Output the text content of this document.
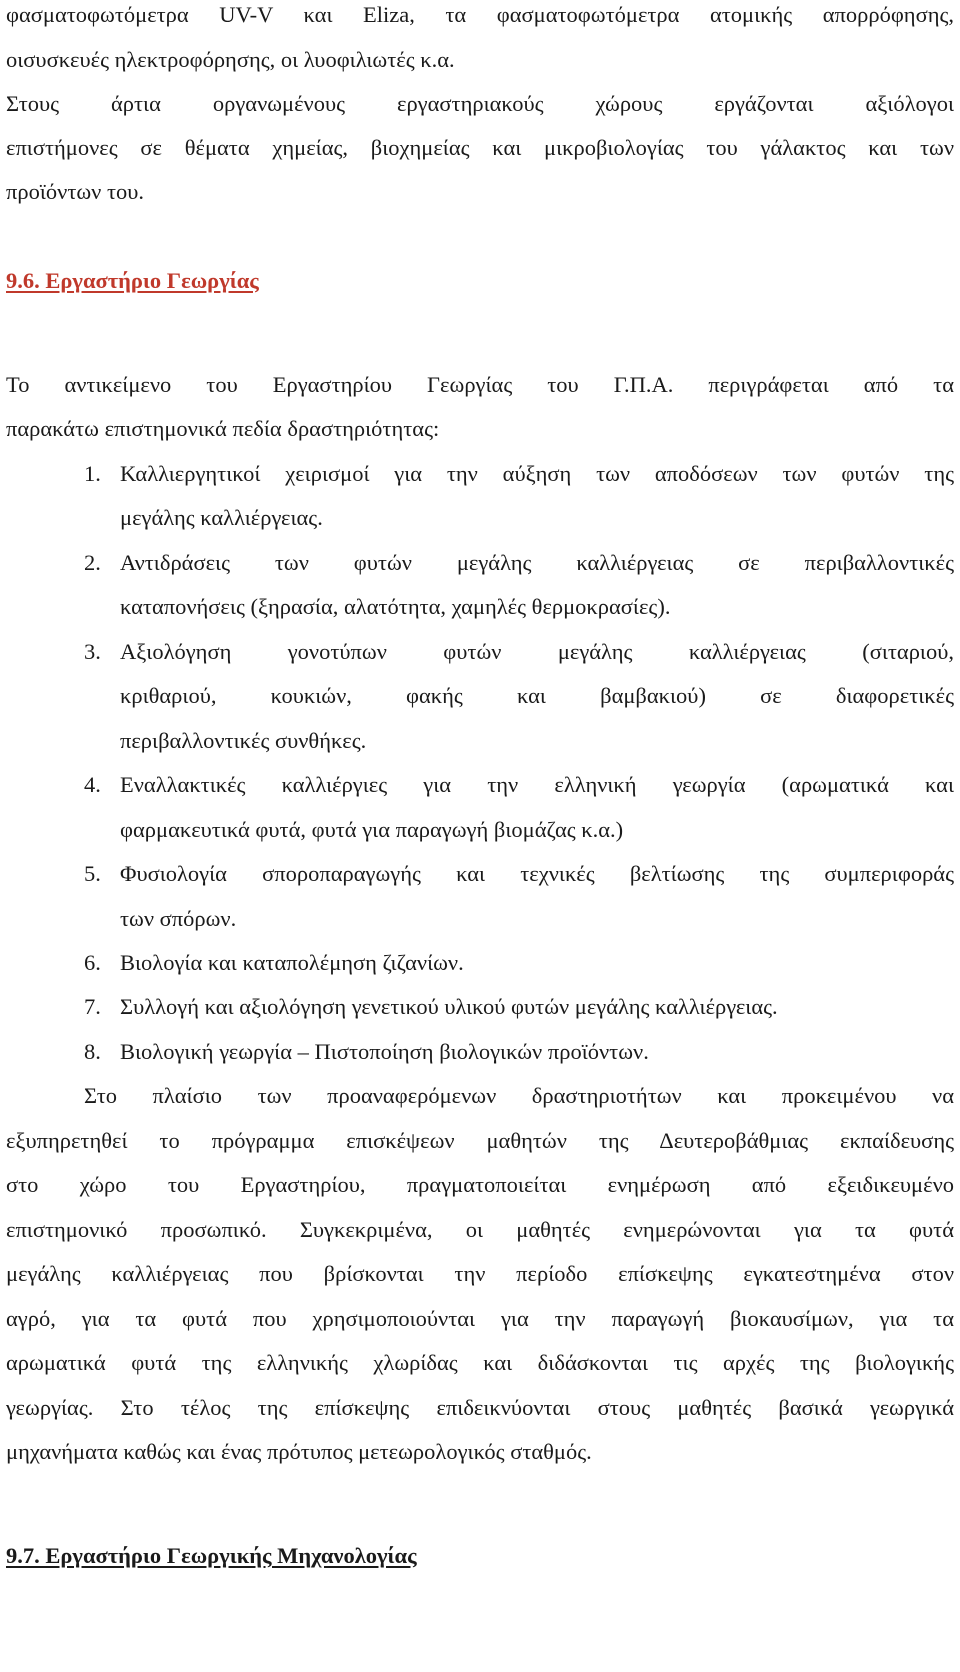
φασματοφωτόμετρα UV-V και Eliza, τα φασματοφωτόμετρα ατομικής απορρόφησης,
οισυσκευές ηλεκτροφόρησης, οι λυοφιλιωτές κ.α.
Στους άρτια οργανωμένους εργαστηριακούς χώρους εργάζονται αξιόλογοι
επιστήμονες σε θέματα χημείας, βιοχημείας και μικροβιολογίας του γάλακτος και των
προϊόντων του.
9.6. Εργαστήριο Γεωργίας
Το αντικείμενο του Εργαστηρίου Γεωργίας του Γ.Π.Α. περιγράφεται από τα
παρακάτω επιστημονικά πεδία δραστηριότητας:
1. Καλλιεργητικοί χειρισμοί για την αύξηση των αποδόσεων των φυτών της
μεγάλης καλλιέργειας.
2. Αντιδράσεις των φυτών μεγάλης καλλιέργειας σε περιβαλλοντικές
καταπονήσεις (ξηρασία, αλατότητα, χαμηλές θερμοκρασίες).
3. Αξιολόγηση γονοτύπων φυτών μεγάλης καλλιέργειας (σιταριού,
κριθαριού, κουκιών, φακής και βαμβακιού) σε διαφορετικές
περιβαλλοντικές συνθήκες.
4. Εναλλακτικές καλλιέργιες για την ελληνική γεωργία (αρωματικά και
φαρμακευτικά φυτά, φυτά για παραγωγή βιομάζας κ.α.)
5. Φυσιολογία σποροπαραγωγής και τεχνικές βελτίωσης της συμπεριφοράς
των σπόρων.
6. Βιολογία και καταπολέμηση ζιζανίων.
7. Συλλογή και αξιολόγηση γενετικού υλικού φυτών μεγάλης καλλιέργειας.
8. Βιολογική γεωργία – Πιστοποίηση βιολογικών προϊόντων.
Στο πλαίσιο των προαναφερόμενων δραστηριοτήτων και προκειμένου να
εξυπηρετηθεί το πρόγραμμα επισκέψεων μαθητών της Δευτεροβάθμιας εκπαίδευσης
στο χώρο του Εργαστηρίου, πραγματοποιείται ενημέρωση από εξειδικευμένο
επιστημονικό προσωπικό. Συγκεκριμένα, οι μαθητές ενημερώνονται για τα φυτά
μεγάλης καλλιέργειας που βρίσκονται την περίοδο επίσκεψης εγκατεστημένα στον
αγρό, για τα φυτά που χρησιμοποιούνται για την παραγωγή βιοκαυσίμων, για τα
αρωματικά φυτά της ελληνικής χλωρίδας και διδάσκονται τις αρχές της βιολογικής
γεωργίας. Στο τέλος της επίσκεψης επιδεικνύονται στους μαθητές βασικά γεωργικά
μηχανήματα καθώς και ένας πρότυπος μετεωρολογικός σταθμός.
9.7. Εργαστήριο Γεωργικής Μηχανολογίας
